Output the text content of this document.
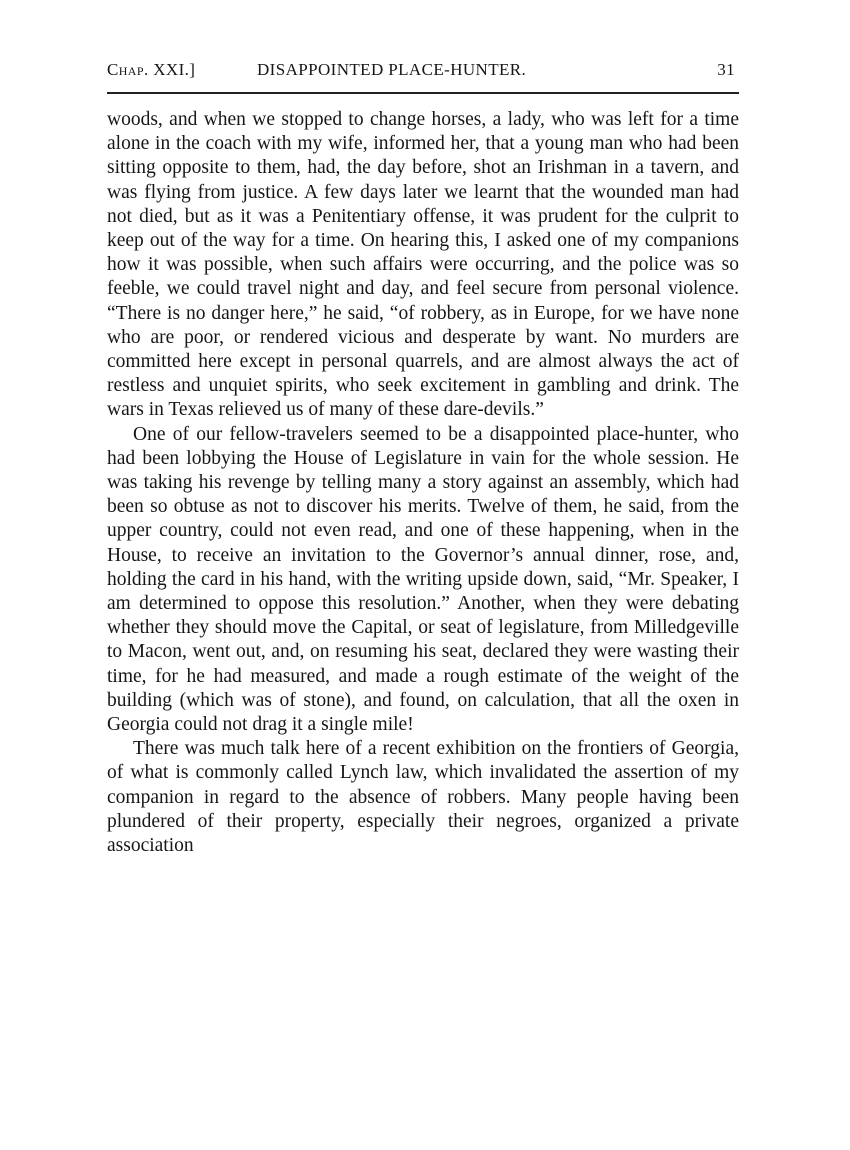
Chap. XXI.]	DISAPPOINTED PLACE-HUNTER.	31

woods, and when we stopped to change horses, a lady, who was left for a time alone in the coach with my wife, informed her, that a young man who had been sitting opposite to them, had, the day before, shot an Irishman in a tavern, and was flying from justice. A few days later we learnt that the wounded man had not died, but as it was a Penitentiary offense, it was prudent for the culprit to keep out of the way for a time. On hearing this, I asked one of my companions how it was possible, when such affairs were occurring, and the police was so feeble, we could travel night and day, and feel secure from personal violence. “There is no danger here,” he said, “of robbery, as in Europe, for we have none who are poor, or rendered vicious and desperate by want. No murders are committed here except in personal quarrels, and are almost always the act of restless and unquiet spirits, who seek excitement in gambling and drink. The wars in Texas relieved us of many of these dare-devils.”

One of our fellow-travelers seemed to be a disappointed place-hunter, who had been lobbying the House of Legislature in vain for the whole session. He was taking his revenge by telling many a story against an assembly, which had been so obtuse as not to discover his merits. Twelve of them, he said, from the upper country, could not even read, and one of these happening, when in the House, to receive an invitation to the Governor’s annual dinner, rose, and, holding the card in his hand, with the writing upside down, said, “Mr. Speaker, I am determined to oppose this resolution.” Another, when they were debating whether they should move the Capital, or seat of legislature, from Milledgeville to Macon, went out, and, on resuming his seat, declared they were wasting their time, for he had measured, and made a rough estimate of the weight of the building (which was of stone), and found, on calculation, that all the oxen in Georgia could not drag it a single mile!

There was much talk here of a recent exhibition on the frontiers of Georgia, of what is commonly called Lynch law, which invalidated the assertion of my companion in regard to the absence of robbers. Many people having been plundered of their property, especially their negroes, organized a private association
